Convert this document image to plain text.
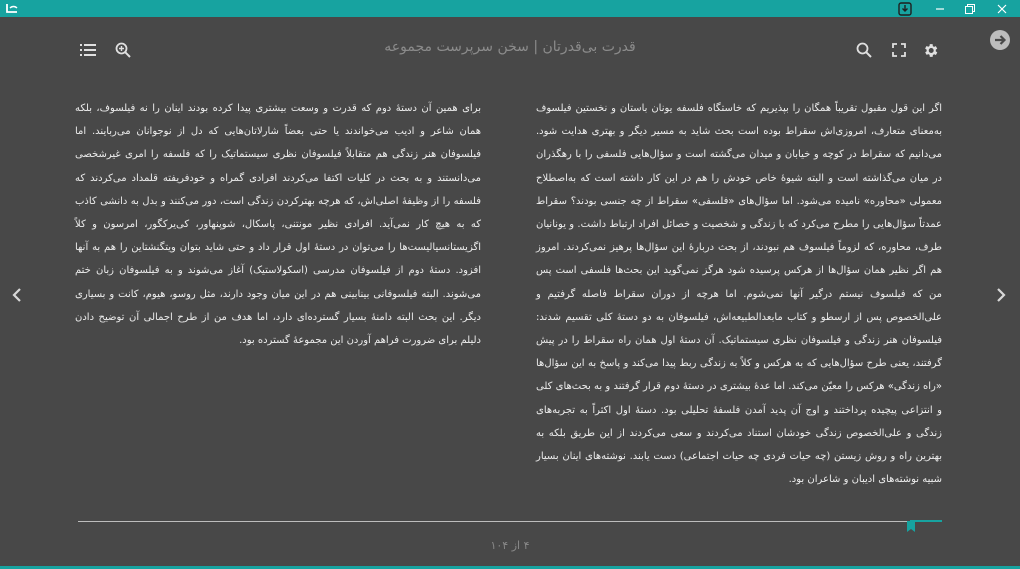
قدرت بی‌قدرتان | سخن سرپرست مجموعه
اگر این قول مقبول تقریباً همگان را بپذیریم که خاستگاه فلسفه یونان باستان و نخستین فیلسوف به‌معنای متعارف، امروزی‌اش سقراط بوده است بحث شاید به مسیر دیگر و بهتری هدایت شود. می‌دانیم که سقراط در کوچه و خیابان و میدان می‌گشته است و سؤال‌هایی فلسفی را با رهگذران در میان می‌گذاشته است و البته شیوهٔ خاص خودش را هم در این کار داشته است که به‌اصطلاح معمولی «محاوره» نامیده می‌شود. اما سؤال‌های «فلسفی» سقراط از چه جنسی بودند؟ سقراط عمدتاً سؤال‌هایی را مطرح می‌کرد که با زندگی و شخصیت و خصائل افراد ارتباط داشت. و یونانیان طرف، محاوره، که لزوماً فیلسوف هم نبودند، از بحث دربارهٔ این سؤال‌ها پرهیز نمی‌کردند. امروز هم اگر نظیر همان سؤال‌ها از هرکس پرسیده شود هرگز نمی‌گوید این بحث‌ها فلسفی است پس من که فیلسوف نیستم درگیر آنها نمی‌شوم. اما هرچه از دوران سقراط فاصله گرفتیم و علی‌الخصوص پس از ارسطو و کتاب مابعدالطبیعه‌اش، فیلسوفان به دو دستهٔ کلی تقسیم شدند: فیلسوفان هنر زندگی و فیلسوفان نظری سیستماتیک. آن دستهٔ اول همان راه سقراط را در پیش گرفتند، یعنی طرح سؤال‌هایی که به هرکس و کلاً به زندگی ربط پیدا می‌کند و پاسخ به این سؤال‌ها «راه زندگی» هرکس را معیّن می‌کند. اما عدهٔ بیشتری در دستهٔ دوم قرار گرفتند و به بحث‌های کلی و انتزاعی پیچیده پرداختند و اوج آن پدید آمدن فلسفهٔ تحلیلی بود. دستهٔ اول اکثراً به تجربه‌های زندگی و علی‌الخصوص زندگی خودشان استناد می‌کردند و سعی می‌کردند از این طریق بلکه به بهترین راه و روش زیستن (چه حیات فردی چه حیات اجتماعی) دست یابند. نوشته‌های اینان بسیار شبیه نوشته‌های ادیبان و شاعران بود.
برای همین آن دستهٔ دوم که قدرت و وسعت بیشتری پیدا کرده بودند اینان را نه فیلسوف، بلکه همان شاعر و ادیب می‌خواندند یا حتی بعضاً شارلاتان‌هایی که دل از نوجوانان می‌ربایند. اما فیلسوفان هنر زندگی هم متقابلاً فیلسوفان نظری سیستماتیک را که فلسفه را امری غیرشخصی می‌دانستند و به بحث در کلیات اکتفا می‌کردند افرادی گمراه و خودفریفته قلمداد می‌کردند که فلسفه را از وظیفهٔ اصلی‌اش، که هرچه بهترکردن زندگی است، دور می‌کنند و بدل به دانشی کاذب که به هیچ کار نمی‌آید. افرادی نظیر مونتنی، پاسکال، شوپنهاور، کی‌یرکگور، امرسون و کلاً اگزیستانسیالیست‌ها را می‌توان در دستهٔ اول قرار داد و حتی شاید بتوان ویتگنشتاین را هم به آنها افزود. دستهٔ دوم از فیلسوفان مدرسی (اسکولاستیک) آغاز می‌شوند و به فیلسوفان زبان ختم می‌شوند. البته فیلسوفانی بینابینی هم در این میان وجود دارند، مثل روسو، هیوم، کانت و بسیاری دیگر. این بحث البته دامنهٔ بسیار گسترده‌ای دارد، اما هدف من از طرح اجمالی آن توضیح دادن دلیلم برای ضرورت فراهم آوردن این مجموعهٔ گسترده بود.
۴ از ۱۰۴
